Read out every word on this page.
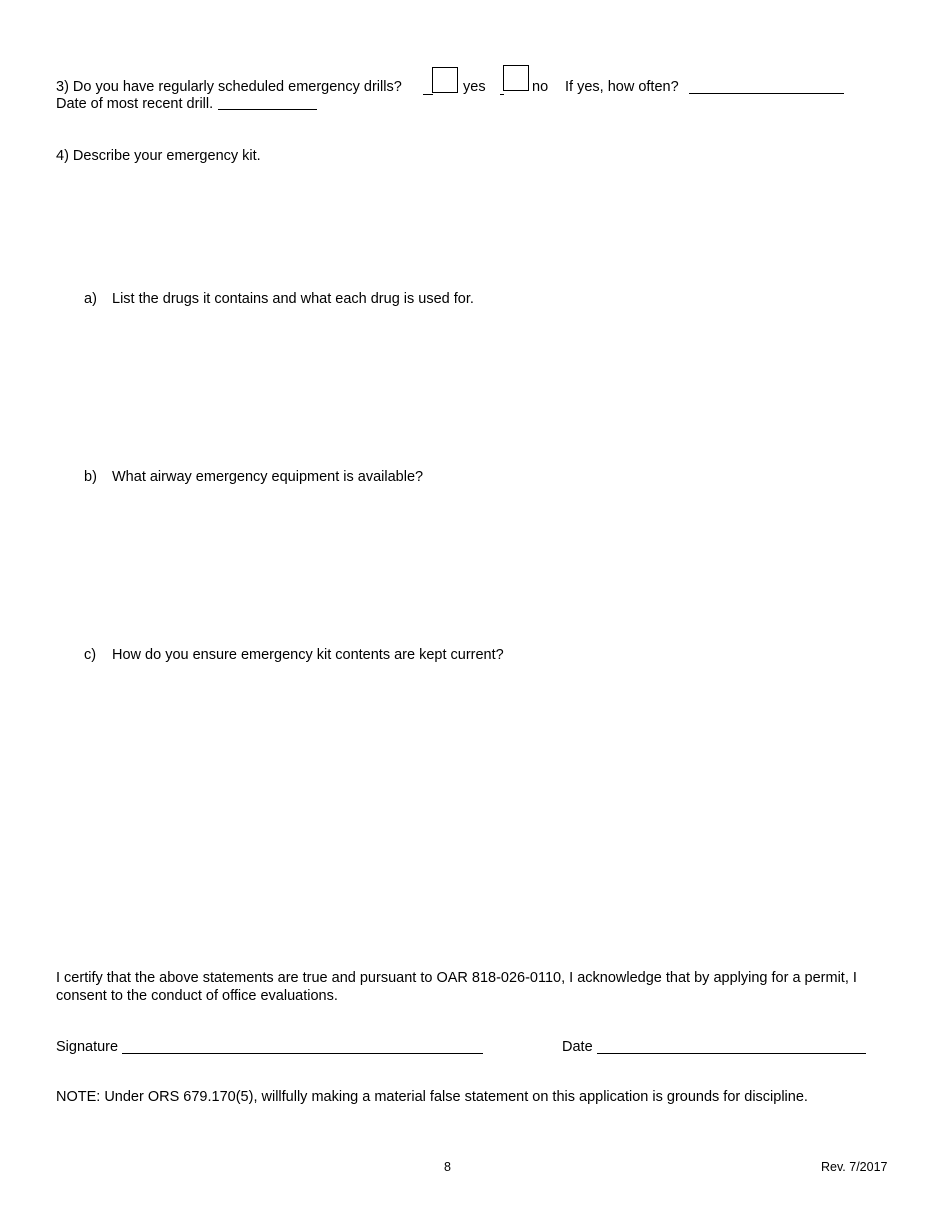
3) Do you have regularly scheduled emergency drills?	yes	no If yes, how often?
Date of most recent drill.
4) Describe your emergency kit.
a) List the drugs it contains and what each drug is used for.
b) What airway emergency equipment is available?
c) How do you ensure emergency kit contents are kept current?
I certify that the above statements are true and pursuant to OAR 818-026-0110, I acknowledge that by applying for a permit, I
consent to the conduct of office evaluations.
Signature	Date
NOTE: Under ORS 679.170(5), willfully making a material false statement on this application is grounds for discipline.
8	Rev. 7/2017
